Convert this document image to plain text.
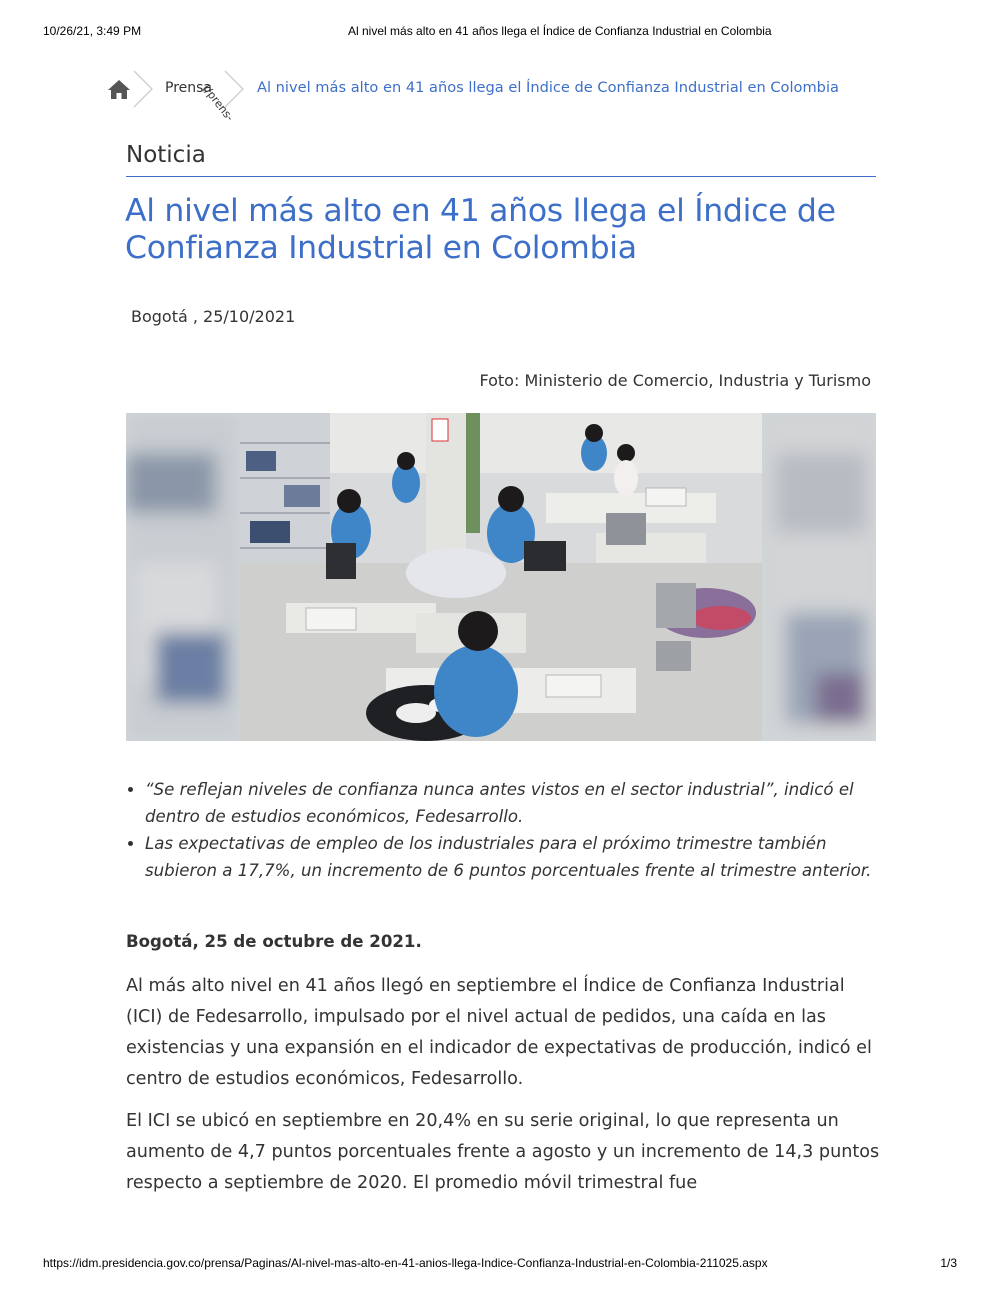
10/26/21, 3:49 PM	Al nivel más alto en 41 años llega el Índice de Confianza Industrial en Colombia
Prensa
(/prens- Al nivel más alto en 41 años llega el Índice de Confianza Industrial en Colombia
Noticia
Al nivel más alto en 41 años llega el Índice de Confianza Industrial en Colombia
Bogotá , 25/10/2021
Foto: Ministerio de Comercio, Industria y Turismo
• “Se reflejan niveles de confianza nunca antes vistos en el sector industrial”, indicó el dentro de estudios económicos, Fedesarrollo.
• Las expectativas de empleo de los industriales para el próximo trimestre también subieron a 17,7%, un incremento de 6 puntos porcentuales frente al trimestre anterior.
Bogotá, 25 de octubre de 2021.

Al más alto nivel en 41 años llegó en septiembre el Índice de Confianza Industrial (ICI) de Fedesarrollo, impulsado por el nivel actual de pedidos, una caída en las existencias y una expansión en el indicador de expectativas de producción, indicó el centro de estudios económicos, Fedesarrollo.

El ICI se ubicó en septiembre en 20,4% en su serie original, lo que representa un aumento de 4,7 puntos porcentuales frente a agosto y un incremento de 14,3 puntos respecto a septiembre de 2020. El promedio móvil trimestral fue

https://idm.presidencia.gov.co/prensa/Paginas/Al-nivel-mas-alto-en-41-anios-llega-Indice-Confianza-Industrial-en-Colombia-211025.aspx	1/3
